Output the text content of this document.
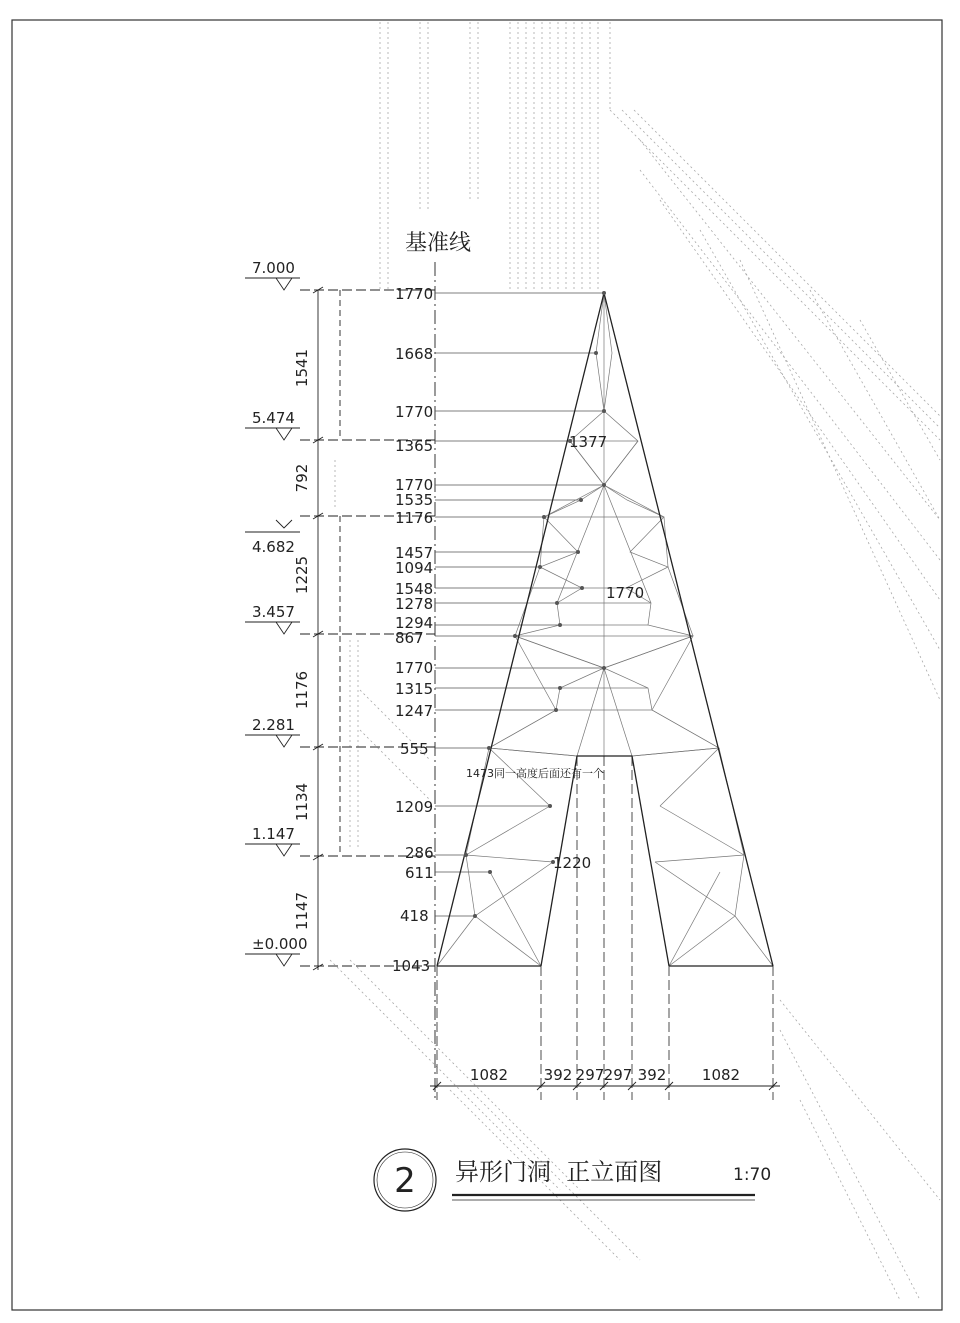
7.000
5.474
4.682
3.457
2.281
1.147
±0.000
1541
792
1225
1176
1134
1147
基准线
1770
1668
1770
1365
1770
1535
1176
1457
1094
1548
1278
1294
867
1770
1315
1247
555
1209
286
611
418
1043
1377
1770
1220
1473同一高度后面还有一个
1082 392 297 297 392 1082
2 异形门洞  正立面图	1:70
